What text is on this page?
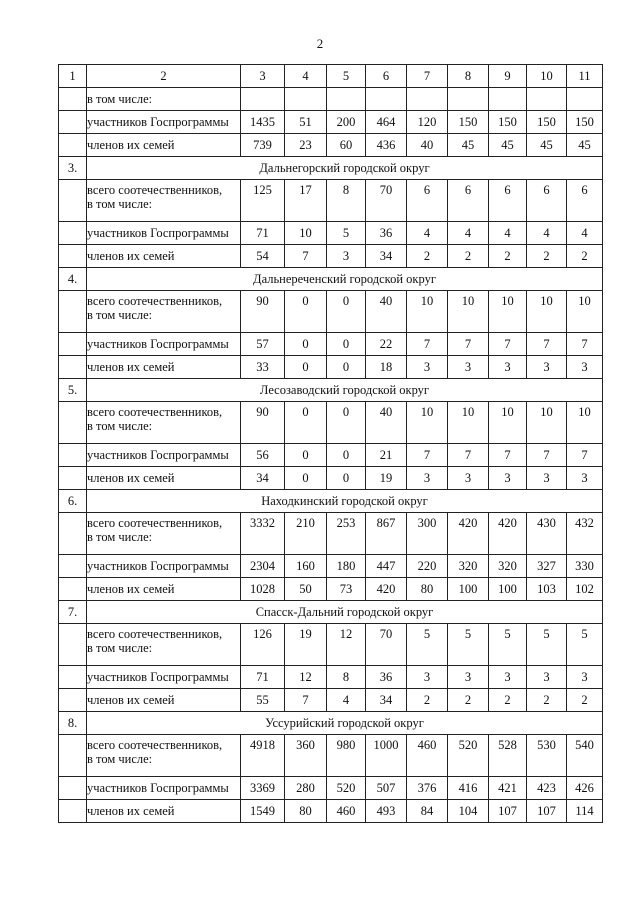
2
1	2	3	4	5	6	7	8	9	10	11
	в том числе:									
	участников Госпрограммы	1435	51	200	464	120	150	150	150	150
	членов их семей	739	23	60	436	40	45	45	45	45
3.	Дальнегорский городской округ									
	всего соотечественников,
в том числе:	125	17	8	70	6	6	6	6	6
	участников Госпрограммы	71	10	5	36	4	4	4	4	4
	членов их семей	54	7	3	34	2	2	2	2	2
4.	Дальнереченский городской округ									
	всего соотечественников,
в том числе:	90	0	0	40	10	10	10	10	10
	участников Госпрограммы	57	0	0	22	7	7	7	7	7
	членов их семей	33	0	0	18	3	3	3	3	3
5.	Лесозаводский городской округ									
	всего соотечественников,
в том числе:	90	0	0	40	10	10	10	10	10
	участников Госпрограммы	56	0	0	21	7	7	7	7	7
	членов их семей	34	0	0	19	3	3	3	3	3
6.	Находкинский городской округ									
	всего соотечественников,
в том числе:	3332	210	253	867	300	420	420	430	432
	участников Госпрограммы	2304	160	180	447	220	320	320	327	330
	членов их семей	1028	50	73	420	80	100	100	103	102
7.	Спасск-Дальний городской округ									
	всего соотечественников,
в том числе:	126	19	12	70	5	5	5	5	5
	участников Госпрограммы	71	12	8	36	3	3	3	3	3
	членов их семей	55	7	4	34	2	2	2	2	2
8.	Уссурийский городской округ									
	всего соотечественников,
в том числе:	4918	360	980	1000	460	520	528	530	540
	участников Госпрограммы	3369	280	520	507	376	416	421	423	426
	членов их семей	1549	80	460	493	84	104	107	107	114
